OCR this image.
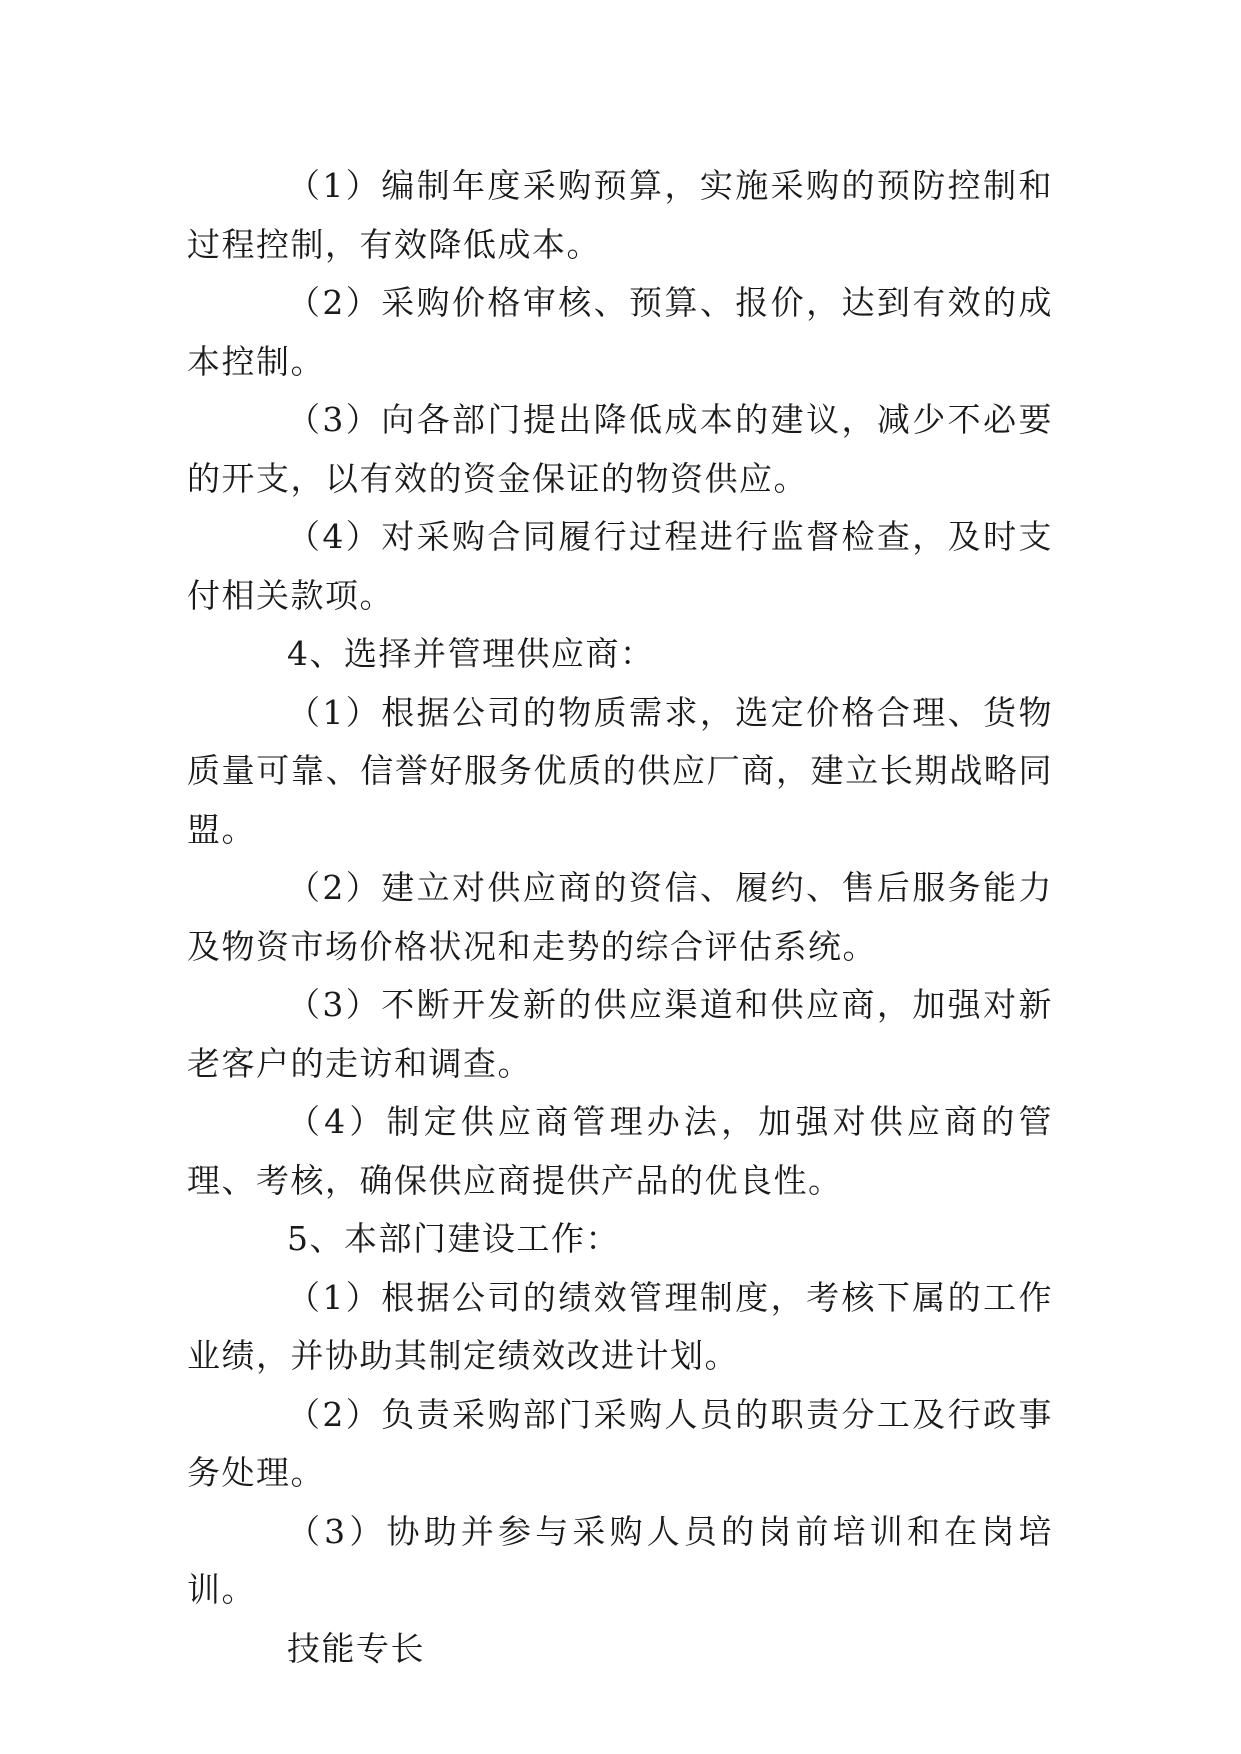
（1）编制年度采购预算，实施采购的预防控制和过程控制，有效降低成本。

（2）采购价格审核、预算、报价，达到有效的成本控制。

（3）向各部门提出降低成本的建议，减少不必要的开支，以有效的资金保证的物资供应。

（4）对采购合同履行过程进行监督检查，及时支付相关款项。

4、选择并管理供应商：

（1）根据公司的物质需求，选定价格合理、货物质量可靠、信誉好服务优质的供应厂商，建立长期战略同盟。

（2）建立对供应商的资信、履约、售后服务能力及物资市场价格状况和走势的综合评估系统。

（3）不断开发新的供应渠道和供应商，加强对新老客户的走访和调查。

（4）制定供应商管理办法，加强对供应商的管理、考核，确保供应商提供产品的优良性。

5、本部门建设工作：

（1）根据公司的绩效管理制度，考核下属的工作业绩，并协助其制定绩效改进计划。

（2）负责采购部门采购人员的职责分工及行政事务处理。

（3）协助并参与采购人员的岗前培训和在岗培训。

技能专长
